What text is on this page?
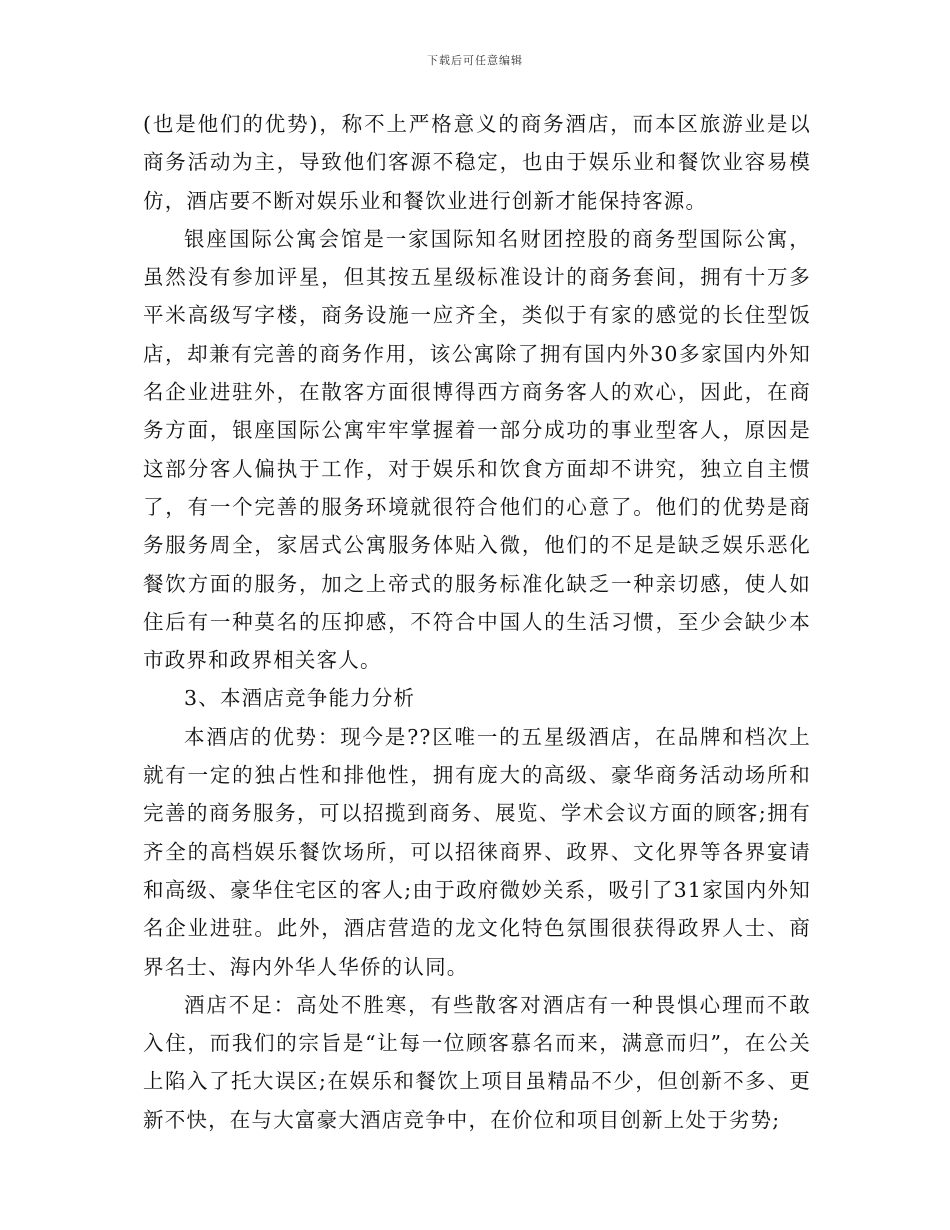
下载后可任意编辑

(也是他们的优势)，称不上严格意义的商务酒店，而本区旅游业是以商务活动为主，导致他们客源不稳定，也由于娱乐业和餐饮业容易模仿，酒店要不断对娱乐业和餐饮业进行创新才能保持客源。

银座国际公寓会馆是一家国际知名财团控股的商务型国际公寓，虽然没有参加评星，但其按五星级标准设计的商务套间，拥有十万多平米高级写字楼，商务设施一应齐全，类似于有家的感觉的长住型饭店，却兼有完善的商务作用，该公寓除了拥有国内外30多家国内外知名企业进驻外，在散客方面很博得西方商务客人的欢心，因此，在商务方面，银座国际公寓牢牢掌握着一部分成功的事业型客人，原因是这部分客人偏执于工作，对于娱乐和饮食方面却不讲究，独立自主惯了，有一个完善的服务环境就很符合他们的心意了。他们的优势是商务服务周全，家居式公寓服务体贴入微，他们的不足是缺乏娱乐恶化餐饮方面的服务，加之上帝式的服务标准化缺乏一种亲切感，使人如住后有一种莫名的压抑感，不符合中国人的生活习惯，至少会缺少本市政界和政界相关客人。

3、本酒店竞争能力分析

本酒店的优势：现今是??区唯一的五星级酒店，在品牌和档次上就有一定的独占性和排他性，拥有庞大的高级、豪华商务活动场所和完善的商务服务，可以招揽到商务、展览、学术会议方面的顾客;拥有齐全的高档娱乐餐饮场所，可以招徕商界、政界、文化界等各界宴请和高级、豪华住宅区的客人;由于政府微妙关系，吸引了31家国内外知名企业进驻。此外，酒店营造的龙文化特色氛围很获得政界人士、商界名士、海内外华人华侨的认同。

酒店不足：高处不胜寒，有些散客对酒店有一种畏惧心理而不敢入住，而我们的宗旨是“让每一位顾客慕名而来，满意而归”，在公关上陷入了托大误区;在娱乐和餐饮上项目虽精品不少，但创新不多、更新不快，在与大富豪大酒店竞争中，在价位和项目创新上处于劣势;
